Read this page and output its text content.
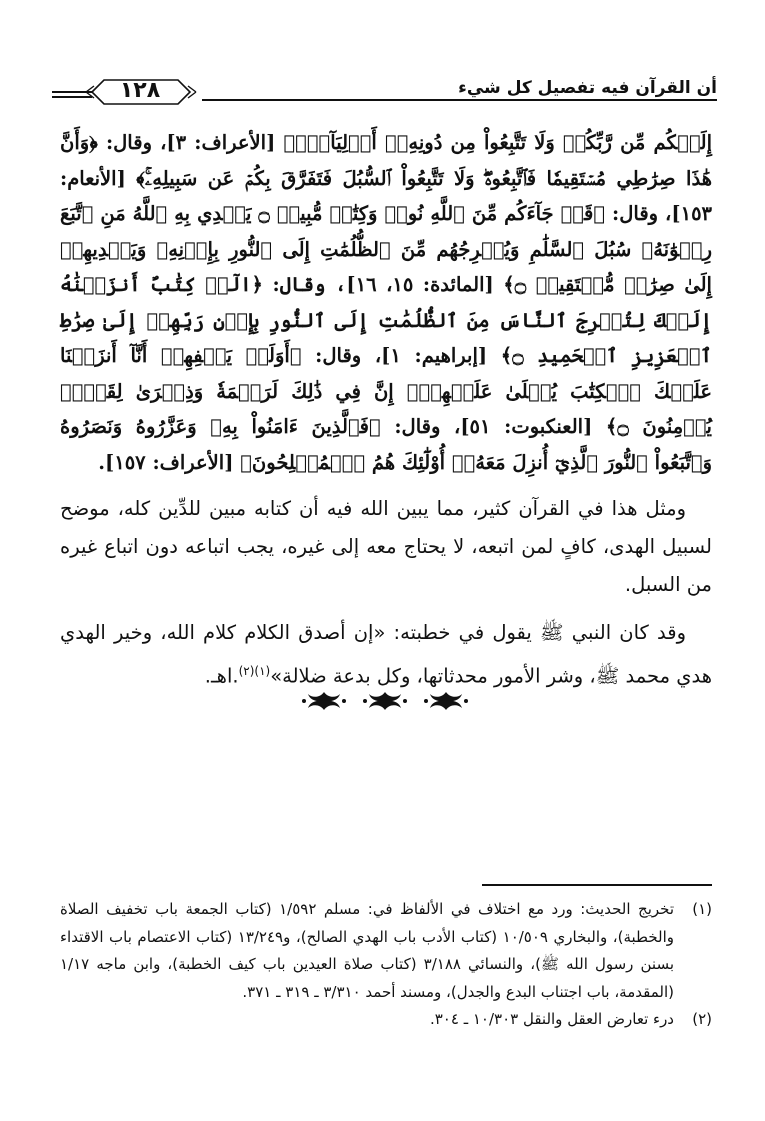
١٢٨	أن القرآن فيه تفصيل كل شيء

إِلَيۡكُم مِّن رَّبِّكُمۡ وَلَا تَتَّبِعُواْ مِن دُونِهِۦٓ أَوۡلِيَآءَۗ﴾ [الأعراف: ٣]، وقال: ﴿وَأَنَّ هَٰذَا صِرَٰطِي مُسۡتَقِيمٗا فَٱتَّبِعُوهُۖ وَلَا تَتَّبِعُواْ ٱلسُّبُلَ فَتَفَرَّقَ بِكُمۡ عَن سَبِيلِهِۦۚ﴾ [الأنعام: ١٥٣]، وقال: ﴿قَدۡ جَآءَكُم مِّنَ ٱللَّهِ نُورٞ وَكِتَٰبٞ مُّبِينٞ ۝ يَهۡدِي بِهِ ٱللَّهُ مَنِ ٱتَّبَعَ رِضۡوَٰنَهُۥ سُبُلَ ٱلسَّلَٰمِ وَيُخۡرِجُهُم مِّنَ ٱلظُّلُمَٰتِ إِلَى ٱلنُّورِ بِإِذۡنِهِۦ وَيَهۡدِيهِمۡ إِلَىٰ صِرَٰطٖ مُّسۡتَقِيمٖ ۝﴾ [المائدة: ١٥، ١٦]، وقال: ﴿الٓرۚ كِتَٰبٌ أَنزَلۡنَٰهُ إِلَيۡكَ لِتُخۡرِجَ ٱلنَّاسَ مِنَ ٱلظُّلُمَٰتِ إِلَى ٱلنُّورِ بِإِذۡنِ رَبِّهِمۡ إِلَىٰ صِرَٰطِ ٱلۡعَزِيزِ ٱلۡحَمِيدِ ۝﴾ [إبراهيم: ١]، وقال: ﴿أَوَلَمۡ يَكۡفِهِمۡ أَنَّآ أَنزَلۡنَا عَلَيۡكَ ٱلۡكِتَٰبَ يُتۡلَىٰ عَلَيۡهِمۡۚ إِنَّ فِي ذَٰلِكَ لَرَحۡمَةٗ وَذِكۡرَىٰ لِقَوۡمٖ يُؤۡمِنُونَ ۝﴾ [العنكبوت: ٥١]، وقال: ﴿فَٱلَّذِينَ ءَامَنُواْ بِهِۦ وَعَزَّرُوهُ وَنَصَرُوهُ وَٱتَّبَعُواْ ٱلنُّورَ ٱلَّذِيٓ أُنزِلَ مَعَهُۥٓ أُوْلَٰٓئِكَ هُمُ ٱلۡمُفۡلِحُونَ﴾ [الأعراف: ١٥٧].

ومثل هذا في القرآن كثير، مما يبين الله فيه أن كتابه مبين للدِّين كله، موضح لسبيل الهدى، كافٍ لمن اتبعه، لا يحتاج معه إلى غيره، يجب اتباعه دون اتباع غيره من السبل.

وقد كان النبي ﷺ يقول في خطبته: «إن أصدق الكلام كلام الله، وخير الهدي هدي محمد ﷺ، وشر الأمور محدثاتها، وكل بدعة ضلالة»$^{(١)(٢)}$.اهـ.

(١)
تخريج الحديث: ورد مع اختلاف في الألفاظ في: مسلم ١/٥٩٢ (كتاب الجمعة باب تخفيف الصلاة والخطبة)، والبخاري ١٠/٥٠٩ (كتاب الأدب باب الهدي الصالح)، و١٣/٢٤٩ (كتاب الاعتصام باب الاقتداء بسنن رسول الله ﷺ)، والنسائي ٣/١٨٨ (كتاب صلاة العيدين باب كيف الخطبة)، وابن ماجه ١/١٧ (المقدمة، باب اجتناب البدع والجدل)، ومسند أحمد ٣/٣١٠ ـ ٣١٩ ـ ٣٧١.
(٢)
درء تعارض العقل والنقل ١٠/٣٠٣ ـ ٣٠٤.
